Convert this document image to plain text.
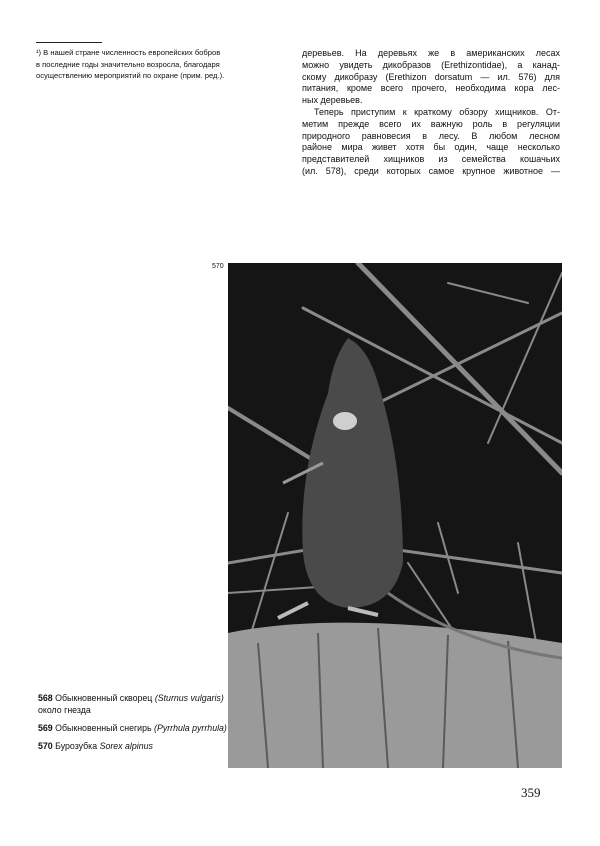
¹) В нашей стране численность европейских бобров
в последние годы значительно возросла, благодаря
осуществлению мероприятий по охране (прим. ред.).
деревьев. На деревьях же в американских лесах
можно увидеть дикобразов (Erethizontidae), а канад-
скому дикобразу (Erethizon dorsatum — ил. 576) для
питания, кроме всего прочего, необходима кора лес-
ных деревьев.
Теперь приступим к краткому обзору хищников. От-
метим прежде всего их важную роль в регуляции
природного равновесия в лесу. В любом лесном
районе мира живет хотя бы один, чаще несколько
представителей хищников из семейства кошачьих
(ил. 578), среди которых самое крупное животное —
570

568 Обыкновенный скворец (Sturnus vulgaris) около гнезда

569 Обыкновенный снегирь (Pyrrhula pyrrhula)

570 Бурозубка Sorex alpinus

359
